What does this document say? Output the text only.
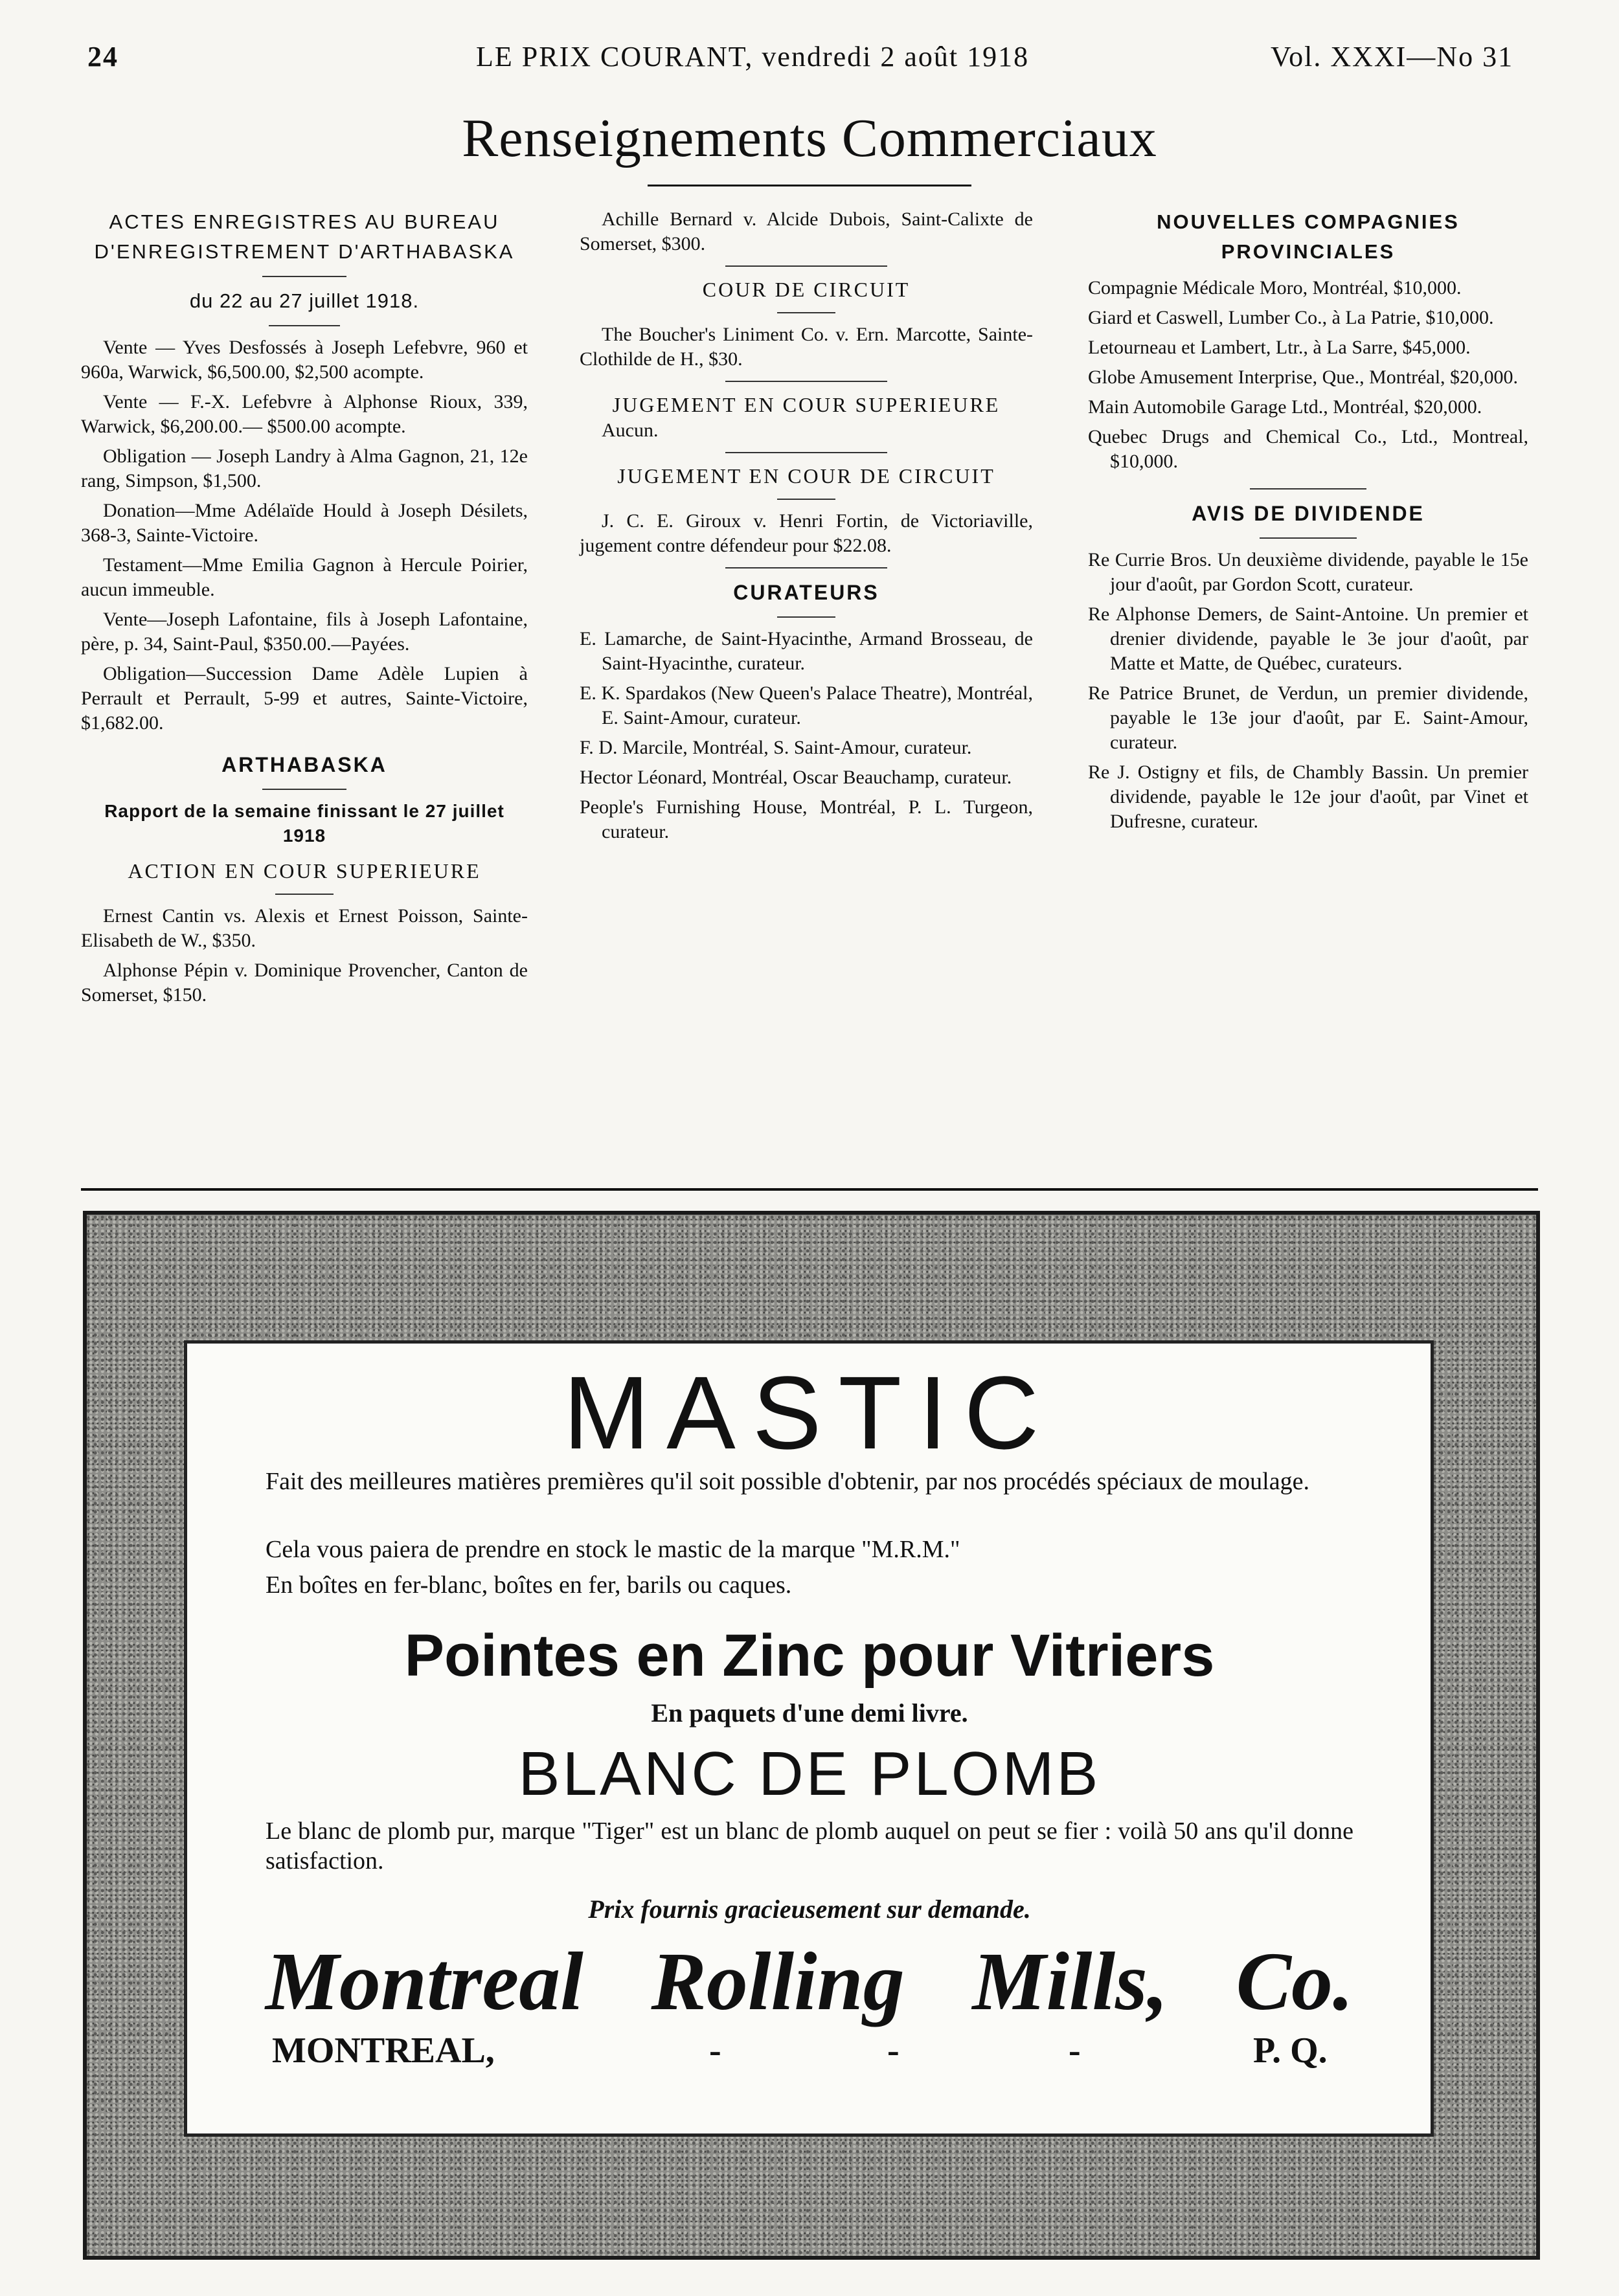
24	LE PRIX COURANT, vendredi 2 août 1918	Vol. XXXI—No 31
Renseignements Commerciaux

ACTES ENREGISTRES AU BUREAU D'ENREGISTREMENT D'ARTHABASKA

du 22 au 27 juillet 1918.

Vente — Yves Desfossés à Joseph Lefebvre, 960 et 960a, Warwick, $6,500.00, $2,500 acompte.

Vente — F.-X. Lefebvre à Alphonse Rioux, 339, Warwick, $6,200.00.— $500.00 acompte.

Obligation — Joseph Landry à Alma Gagnon, 21, 12e rang, Simpson, $1,500.

Donation—Mme Adélaïde Hould à Joseph Désilets, 368-3, Sainte-Victoire.

Testament—Mme Emilia Gagnon à Hercule Poirier, aucun immeuble.

Vente—Joseph Lafontaine, fils à Joseph Lafontaine, père, p. 34, Saint-Paul, $350.00.—Payées.

Obligation—Succession Dame Adèle Lupien à Perrault et Perrault, 5-99 et autres, Sainte-Victoire, $1,682.00.

ARTHABASKA

Rapport de la semaine finissant le 27 juillet 1918

ACTION EN COUR SUPERIEURE

Ernest Cantin vs. Alexis et Ernest Poisson, Sainte-Elisabeth de W., $350.

Alphonse Pépin v. Dominique Provencher, Canton de Somerset, $150.

Achille Bernard v. Alcide Dubois, Saint-Calixte de Somerset, $300.

COUR DE CIRCUIT

The Boucher's Liniment Co. v. Ern. Marcotte, Sainte-Clothilde de H., $30.

JUGEMENT EN COUR SUPERIEURE

Aucun.

JUGEMENT EN COUR DE CIRCUIT

J. C. E. Giroux v. Henri Fortin, de Victoriaville, jugement contre défendeur pour $22.08.

CURATEURS

E. Lamarche, de Saint-Hyacinthe, Armand Brosseau, de Saint-Hyacinthe, curateur.

E. K. Spardakos (New Queen's Palace Theatre), Montréal, E. Saint-Amour, curateur.

F. D. Marcile, Montréal, S. Saint-Amour, curateur.

Hector Léonard, Montréal, Oscar Beauchamp, curateur.

People's Furnishing House, Montréal, P. L. Turgeon, curateur.

NOUVELLES COMPAGNIES PROVINCIALES

Compagnie Médicale Moro, Montréal, $10,000.

Giard et Caswell, Lumber Co., à La Patrie, $10,000.

Letourneau et Lambert, Ltr., à La Sarre, $45,000.

Globe Amusement Interprise, Que., Montréal, $20,000.

Main Automobile Garage Ltd., Montréal, $20,000.

Quebec Drugs and Chemical Co., Ltd., Montreal, $10,000.

AVIS DE DIVIDENDE

Re Currie Bros. Un deuxième dividende, payable le 15e jour d'août, par Gordon Scott, curateur.

Re Alphonse Demers, de Saint-Antoine. Un premier et drenier dividende, payable le 3e jour d'août, par Matte et Matte, de Québec, curateurs.

Re Patrice Brunet, de Verdun, un premier dividende, payable le 13e jour d'août, par E. Saint-Amour, curateur.

Re J. Ostigny et fils, de Chambly Bassin. Un premier dividende, payable le 12e jour d'août, par Vinet et Dufresne, curateur.

MASTIC
Fait des meilleures matières premières qu'il soit possible d'obtenir, par nos procédés spéciaux de moulage.
Cela vous paiera de prendre en stock le mastic de la marque "M.R.M."
En boîtes en fer-blanc, boîtes en fer, barils ou caques.
Pointes en Zinc pour Vitriers
En paquets d'une demi livre.
BLANC DE PLOMB
Le blanc de plomb pur, marque "Tiger" est un blanc de plomb auquel on peut se fier : voilà 50 ans qu'il donne satisfaction.
Prix fournis gracieusement sur demande.
Montreal Rolling Mills, Co.
MONTREAL,	-	-	-	P. Q.
